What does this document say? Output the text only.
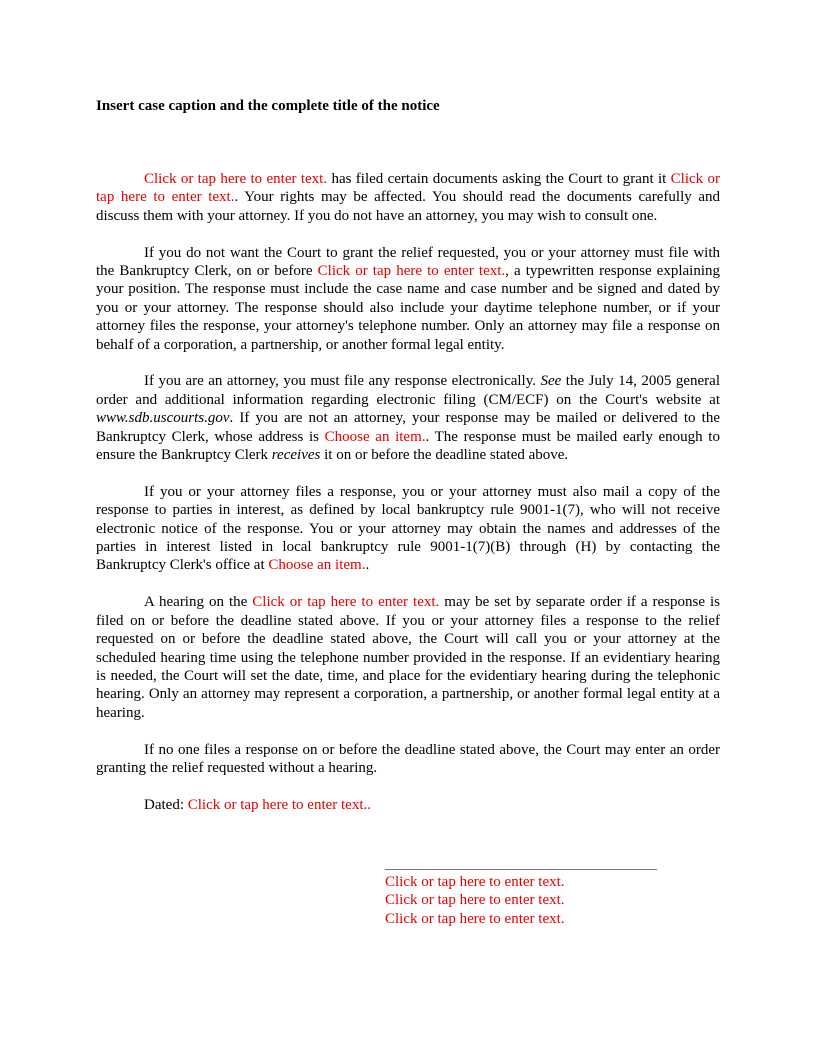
Insert case caption and the complete title of the notice

Click or tap here to enter text. has filed certain documents asking the Court to grant it Click or tap here to enter text.. Your rights may be affected. You should read the documents carefully and discuss them with your attorney. If you do not have an attorney, you may wish to consult one.

If you do not want the Court to grant the relief requested, you or your attorney must file with the Bankruptcy Clerk, on or before Click or tap here to enter text., a typewritten response explaining your position. The response must include the case name and case number and be signed and dated by you or your attorney. The response should also include your daytime telephone number, or if your attorney files the response, your attorney's telephone number. Only an attorney may file a response on behalf of a corporation, a partnership, or another formal legal entity.

If you are an attorney, you must file any response electronically. See the July 14, 2005 general order and additional information regarding electronic filing (CM/ECF) on the Court's website at www.sdb.uscourts.gov. If you are not an attorney, your response may be mailed or delivered to the Bankruptcy Clerk, whose address is Choose an item.. The response must be mailed early enough to ensure the Bankruptcy Clerk receives it on or before the deadline stated above.

If you or your attorney files a response, you or your attorney must also mail a copy of the response to parties in interest, as defined by local bankruptcy rule 9001-1(7), who will not receive electronic notice of the response. You or your attorney may obtain the names and addresses of the parties in interest listed in local bankruptcy rule 9001-1(7)(B) through (H) by contacting the Bankruptcy Clerk's office at Choose an item..

A hearing on the Click or tap here to enter text. may be set by separate order if a response is filed on or before the deadline stated above. If you or your attorney files a response to the relief requested on or before the deadline stated above, the Court will call you or your attorney at the scheduled hearing time using the telephone number provided in the response. If an evidentiary hearing is needed, the Court will set the date, time, and place for the evidentiary hearing during the telephonic hearing. Only an attorney may represent a corporation, a partnership, or another formal legal entity at a hearing.

If no one files a response on or before the deadline stated above, the Court may enter an order granting the relief requested without a hearing.

Dated: Click or tap here to enter text..

Click or tap here to enter text.
Click or tap here to enter text.
Click or tap here to enter text.
